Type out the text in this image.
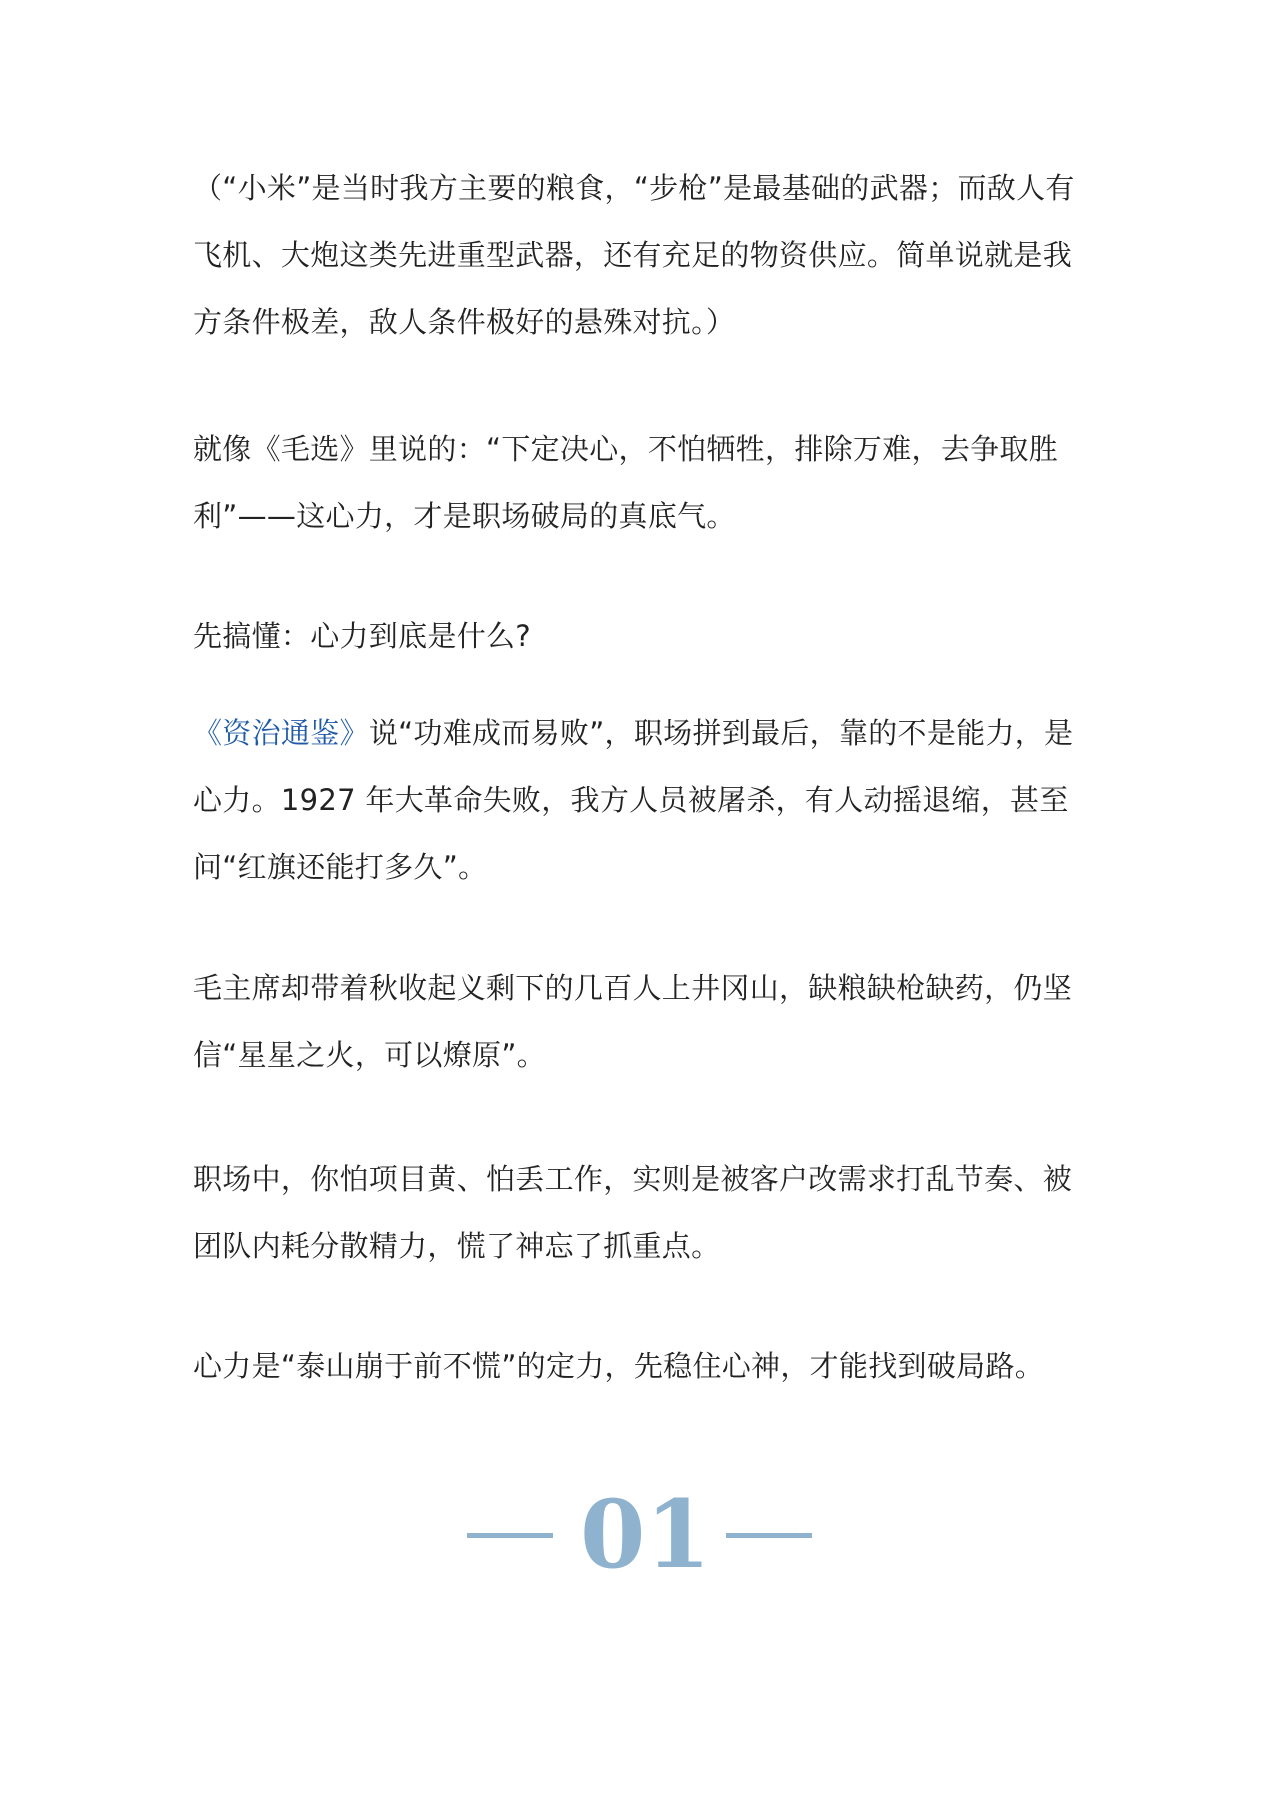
（“小米”是当时我方主要的粮食，“步枪”是最基础的武器；而敌人有飞机、大炮这类先进重型武器，还有充足的物资供应。简单说就是我方条件极差，敌人条件极好的悬殊对抗。）

就像《毛选》里说的：“下定决心，不怕牺牲，排除万难，去争取胜利”——这心力，才是职场破局的真底气。

先搞懂：心力到底是什么?

《资治通鉴》说“功难成而易败”，职场拼到最后，靠的不是能力，是心力。1927 年大革命失败，我方人员被屠杀，有人动摇退缩，甚至问“红旗还能打多久”。

毛主席却带着秋收起义剩下的几百人上井冈山，缺粮缺枪缺药，仍坚信“星星之火，可以燎原”。

职场中，你怕项目黄、怕丢工作，实则是被客户改需求打乱节奏、被团队内耗分散精力，慌了神忘了抓重点。

心力是“泰山崩于前不慌”的定力，先稳住心神，才能找到破局路。

01
